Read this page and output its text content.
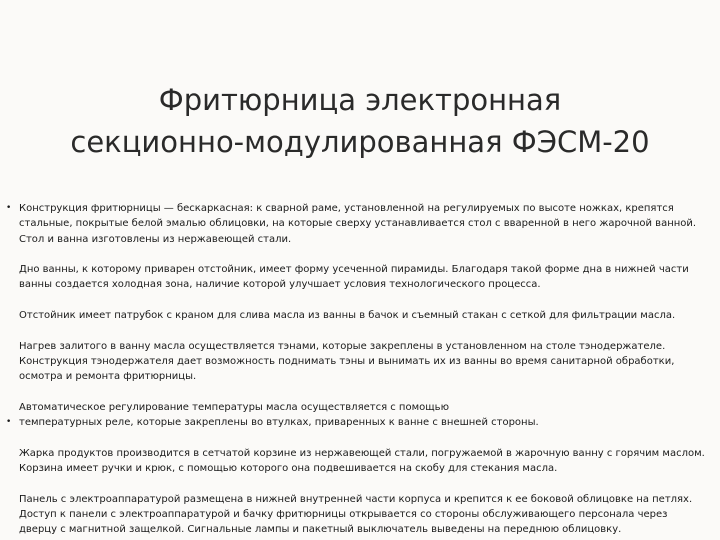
Фритюрница электронная
секционно-модулированная ФЭСМ-20
• Конструкция фритюрницы — бескаркасная: к сварной раме, установленной на регулируемых по высоте ножках, крепятся стальные, покрытые белой эмалью облицовки, на которые сверху устанавливается стол с вваренной в него жарочной ванной. Стол и ванна изготовлены из нержавеющей стали.
Дно ванны, к которому приварен отстойник, имеет форму усеченной пирамиды. Благодаря такой форме дна в нижней части ванны создается холодная зона, наличие которой улучшает условия технологического процесса.
Отстойник имеет патрубок с краном для слива масла из ванны в бачок и съемный стакан с сеткой для фильтрации масла.
Нагрев залитого в ванну масла осуществляется тэнами, которые закреплены в установленном на столе тэнодержателе. Конструкция тэнодержателя дает возможность поднимать тэны и вынимать их из ванны во время санитарной обработки, осмотра и ремонта фритюрницы.
Автоматическое регулирование температуры масла осуществляется с помощью
• температурных реле, которые закреплены во втулках, приваренных к ванне с внешней стороны.
Жарка продуктов производится в сетчатой корзине из нержавеющей стали, погружаемой в жарочную ванну с горячим маслом. Корзина имеет ручки и крюк, с помощью которого она подвешивается на скобу для стекания масла.
Панель с электроаппаратурой размещена в нижней внутренней части корпуса и крепится к ее боковой облицовке на петлях. Доступ к панели с электроаппаратурой и бачку фритюрницы открывается со стороны обслуживающего персонала через дверцу с магнитной защелкой. Сигнальные лампы и пакетный выключатель выведены на переднюю облицовку.
